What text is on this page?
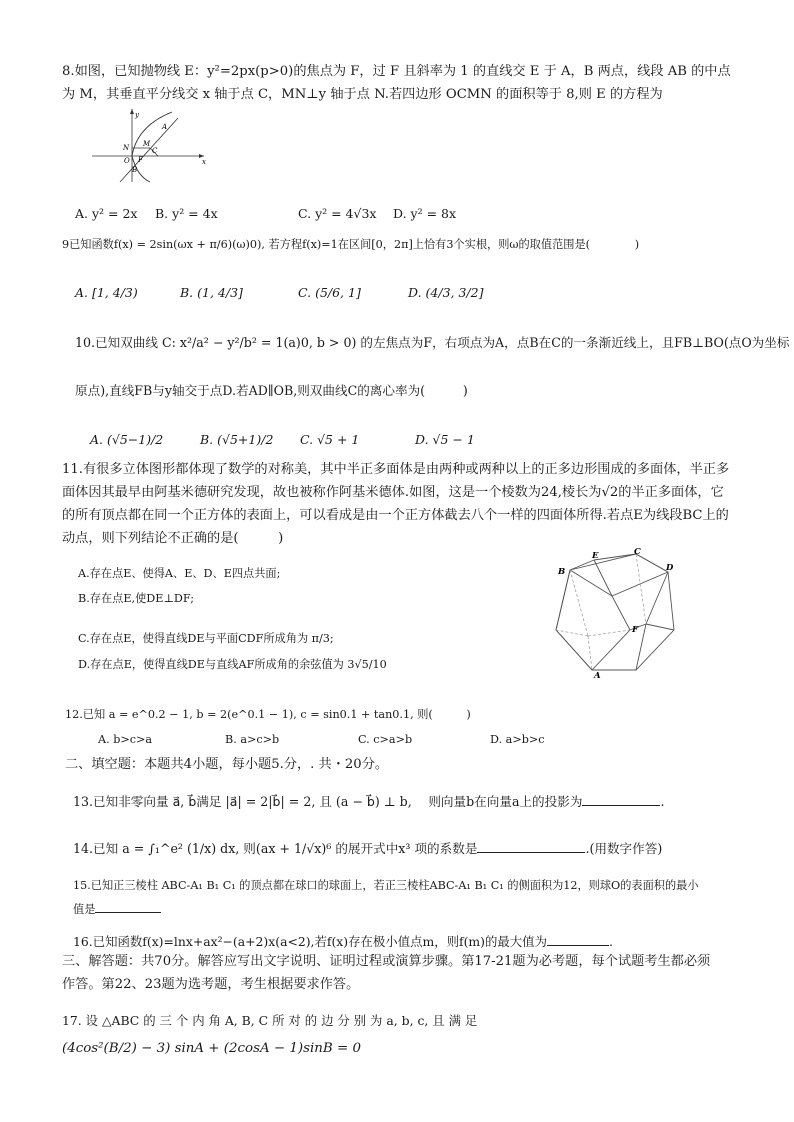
8.如图，已知抛物线 E：y²=2px(p>0)的焦点为 F，过 F 且斜率为 1 的直线交 E 于 A，B 两点，线段 AB 的中点
为 M，其垂直平分线交 x 轴于点 C，MN⊥y 轴于点 N.若四边形 OCMN 的面积等于 8,则 E 的方程为
y
A
N M
C
O F
B
x
A. y² = 2x B. y² = 4x	C. y² = 4√3x D. y² = 8x
9已知函数f(x) = 2sin(ωx + π/6)(ω)0), 若方程f(x)=1在区间[0，2π]上恰有3个实根，则ω的取值范围是(　　　　)
A. [1, 4/3)	B. (1, 4/3]	C. (5/6, 1]	D. (4/3, 3/2]
10.已知双曲线 C: x²/a² − y²/b² = 1(a)0, b > 0) 的左焦点为F，右项点为A，点B在C的一条渐近线上，且FB⊥BO(点O为坐标
原点),直线FB与y轴交于点D.若AD∥OB,则双曲线C的离心率为(　　　)
A. (√5−1)/2	B. (√5+1)/2 C. √5 + 1	D. √5 − 1
11.有很多立体图形都体现了数学的对称美，其中半正多面体是由两种或两种以上的正多边形围成的多面体，半正多
面体因其最早由阿基米德研究发现，故也被称作阿基米德体.如图，这是一个棱数为24,棱长为√2的半正多面体，它
的所有顶点都在同一个正方体的表面上，可以看成是由一个正方体截去八个一样的四面体所得.若点E为线段BC上的
动点，则下列结论不正确的是(　　　)
A.存在点E、使得A、E、D、E四点共面;
B.存在点E,使DE⊥DF;
C.存在点E，使得直线DE与平面CDF所成角为 π/3;
D.存在点E，使得直线DE与直线AF所成角的余弦值为 3√5/10
B
E	C
D
F
A
12.已知 a = e^0.2 − 1, b = 2(e^0.1 − 1), c = sin0.1 + tan0.1, 则(　　　)
A. b>c>a	B. a>c>b	C. c>a>b	D. a>b>c
二、填空题：本题共4小题，每小题5.分，. 共・20分。
13.已知非零向量 a⃗, b⃗满足 |a⃗| = 2|b⃗| = 2, 且 (a − b⃗) ⊥ b,　 则向量b在向量a上的投影为	.
14.已知 a = ∫₁^e² (1/x) dx, 则(ax + 1/√x)⁶ 的展开式中x³ 项的系数是	.(用数字作答)
15.已知正三棱柱 ABC-A₁ B₁ C₁ 的顶点都在球口的球面上，若正三棱柱ABC-A₁ B₁ C₁ 的侧面积为12，则球O的表面积的最小
值是
16.已知函数f(x)=lnx+ax²−(a+2)x(a<2),若f(x)存在极小值点m，则f(m)的最大值为	.
三、解答题：共70分。解答应写出文字说明、证明过程或演算步骤。第17-21题为必考题，每个试题考生都必须
作答。第22、23题为选考题，考生根据要求作答。
17. 设 △ABC 的 三 个 内 角 A, B, C 所 对 的 边 分 别 为 a, b, c, 且 满 足
(4cos²(B/2) − 3) sinA + (2cosA − 1)sinB = 0
